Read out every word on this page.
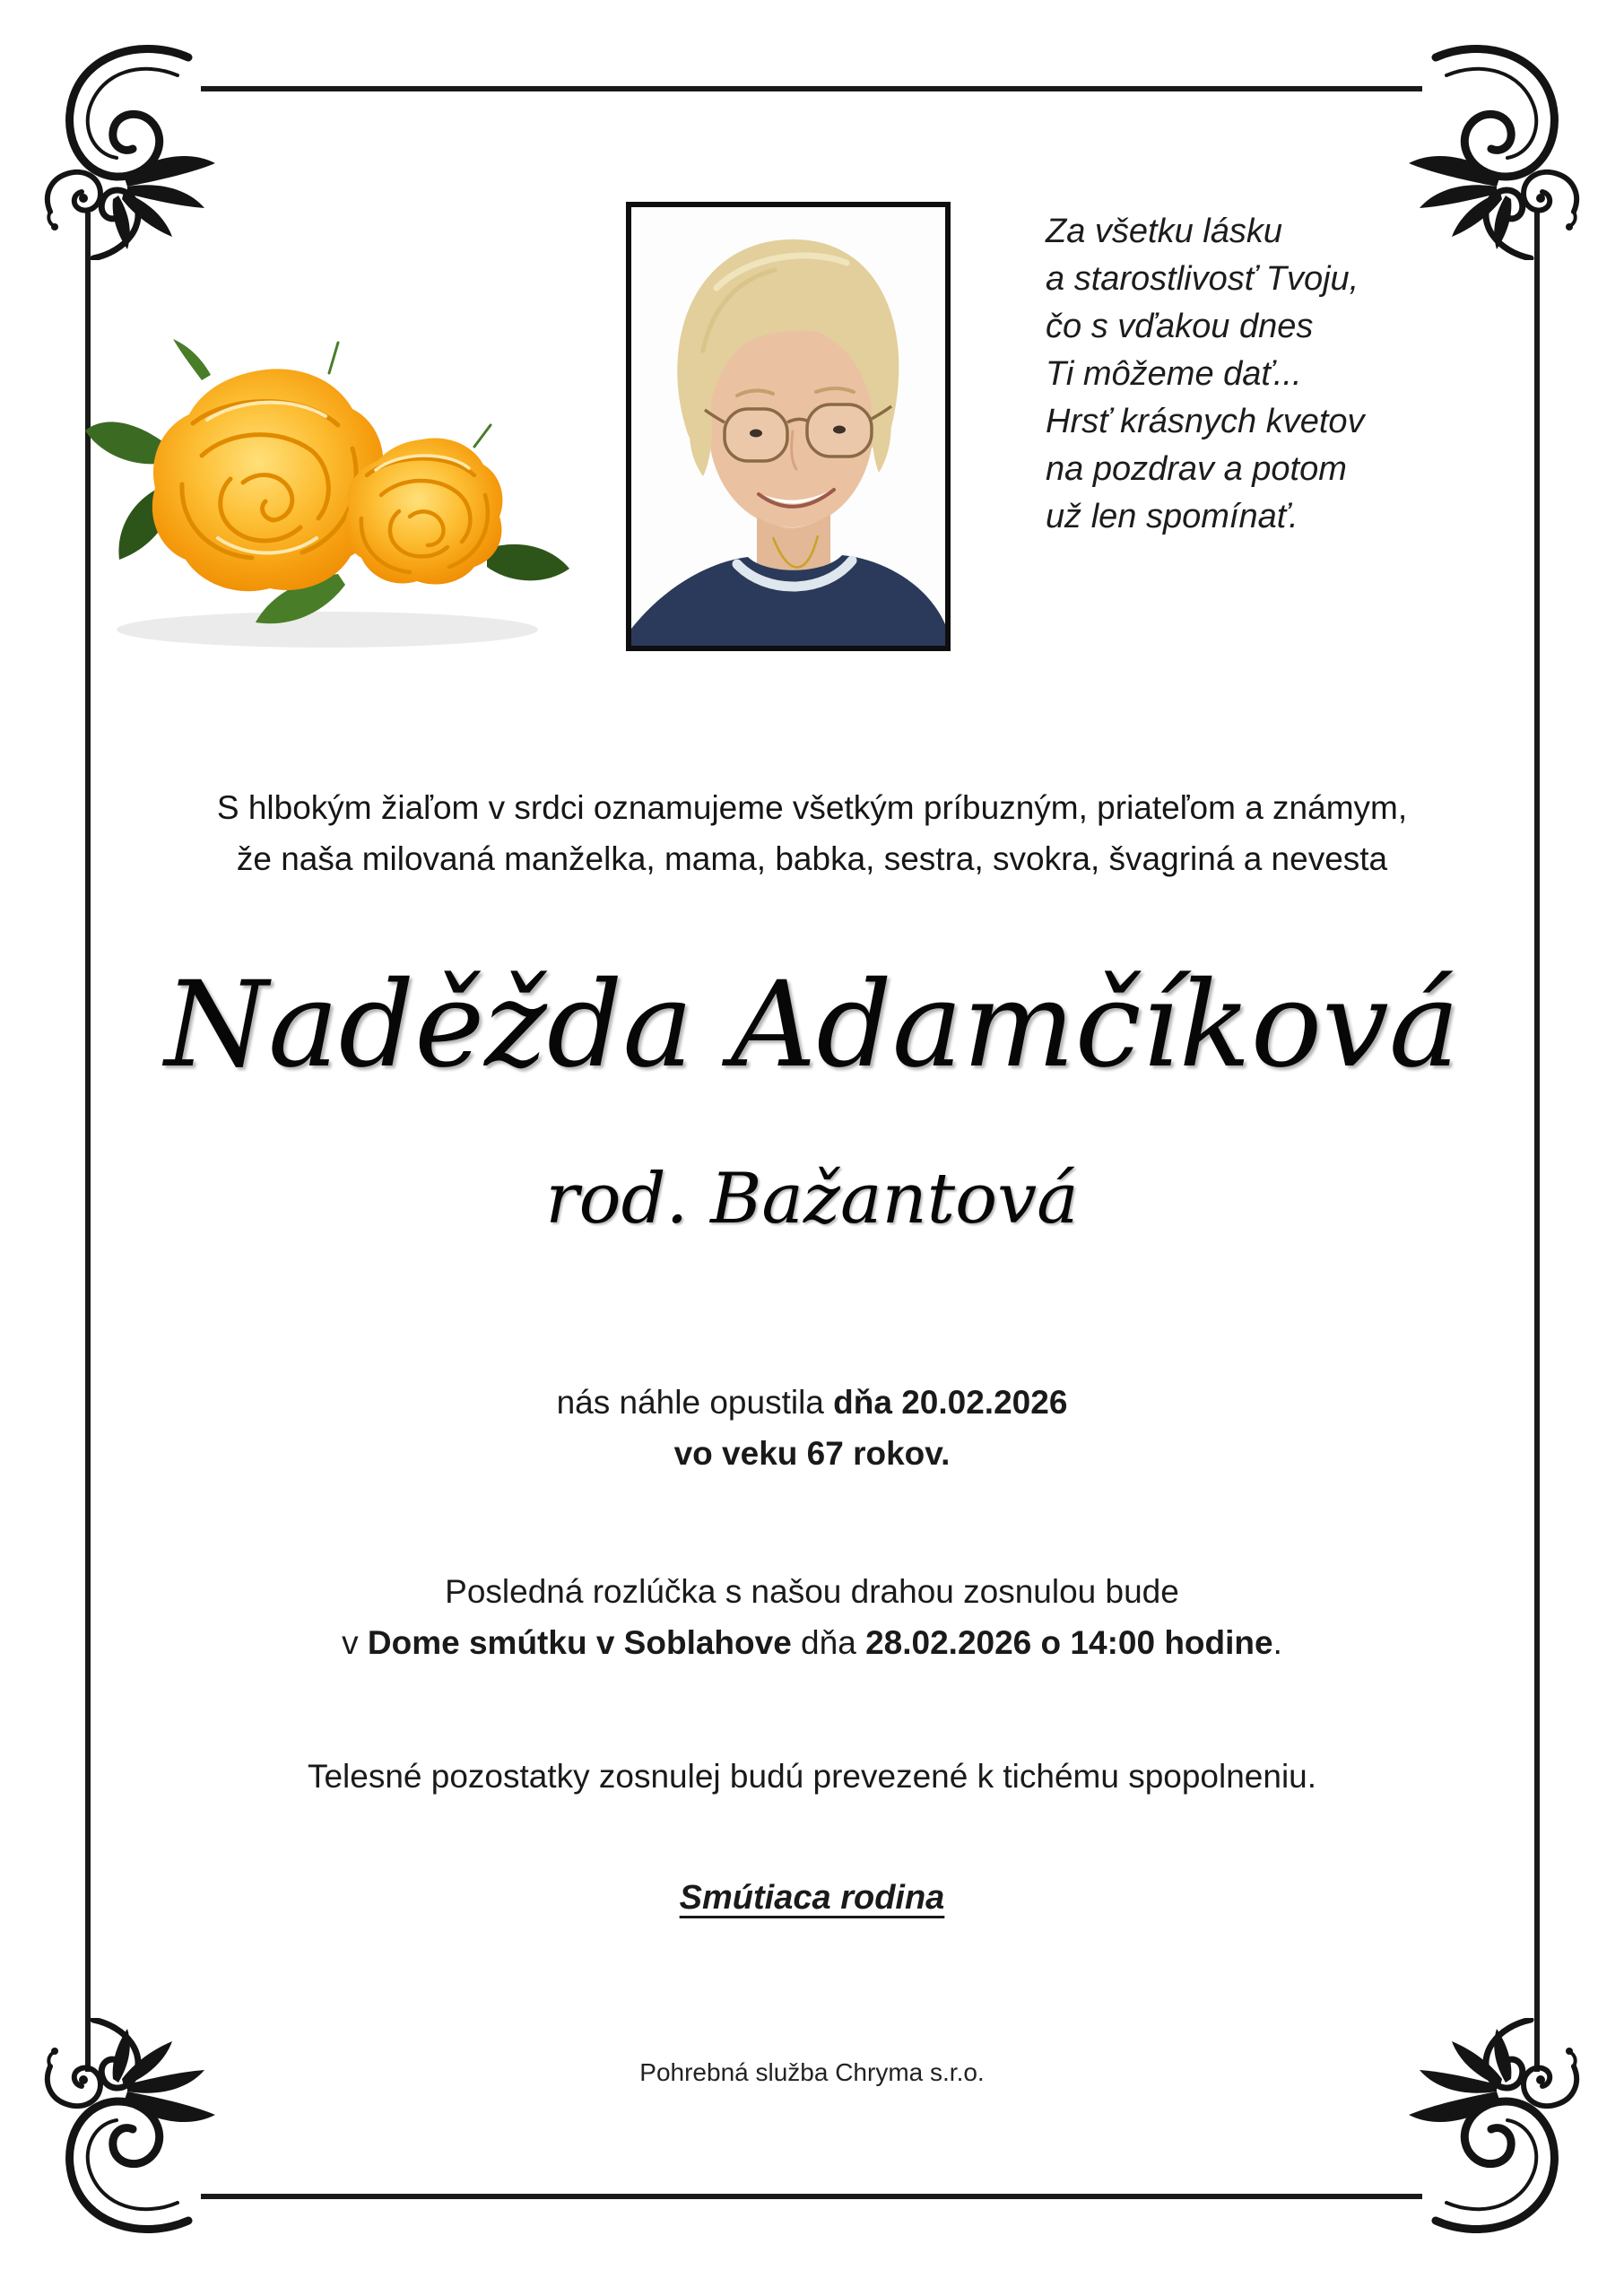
Za všetku lásku
a starostlivosť Tvoju,
čo s vďakou dnes
Ti môžeme dať...
Hrsť krásnych kvetov
na pozdrav a potom
už len spomínať.
S hlbokým žiaľom v srdci oznamujeme všetkým príbuzným, priateľom a známym,
že naša milovaná manželka, mama, babka, sestra, svokra, švagriná a nevesta
Naděžda Adamčíková
rod. Bažantová
nás náhle opustila dňa 20.02.2026
vo veku 67 rokov.
Posledná rozlúčka s našou drahou zosnulou bude
v Dome smútku v Soblahove dňa 28.02.2026 o 14:00 hodine.
Telesné pozostatky zosnulej budú prevezené k tichému spopolneniu.
Smútiaca rodina
Pohrebná služba Chryma s.r.o.
